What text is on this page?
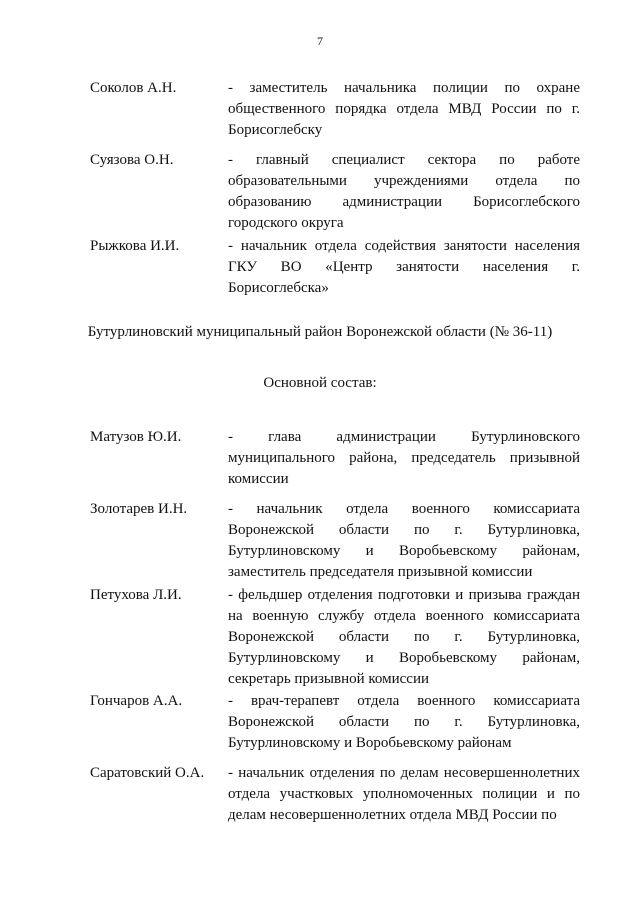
7
Соколов А.Н.	- заместитель начальника полиции по охране общественного порядка отдела МВД России по г. Борисоглебску
Суязова О.Н.	- главный специалист сектора по работе образовательными учреждениями отдела по образованию администрации Борисоглебского городского округа
Рыжкова И.И.	- начальник отдела содействия занятости населения ГКУ ВО «Центр занятости населения г. Борисоглебска»
Бутурлиновский муниципальный район Воронежской области (№ 36-11)
Основной состав:
Матузов Ю.И.	- глава администрации Бутурлиновского муниципального района, председатель призывной комиссии
Золотарев И.Н.	- начальник отдела военного комиссариата Воронежской области по г. Бутурлиновка, Бутурлиновскому и Воробьевскому районам, заместитель председателя призывной комиссии
Петухова Л.И.	- фельдшер отделения подготовки и призыва граждан на военную службу отдела военного комиссариата Воронежской области по г. Бутурлиновка, Бутурлиновскому и Воробьевскому районам, секретарь призывной комиссии
Гончаров А.А.	- врач-терапевт отдела военного комиссариата Воронежской области по г. Бутурлиновка, Бутурлиновскому и Воробьевскому районам
Саратовский О.А. - начальник отделения по делам несовершеннолетних отдела участковых уполномоченных полиции и по делам несовершеннолетних отдела МВД России по
